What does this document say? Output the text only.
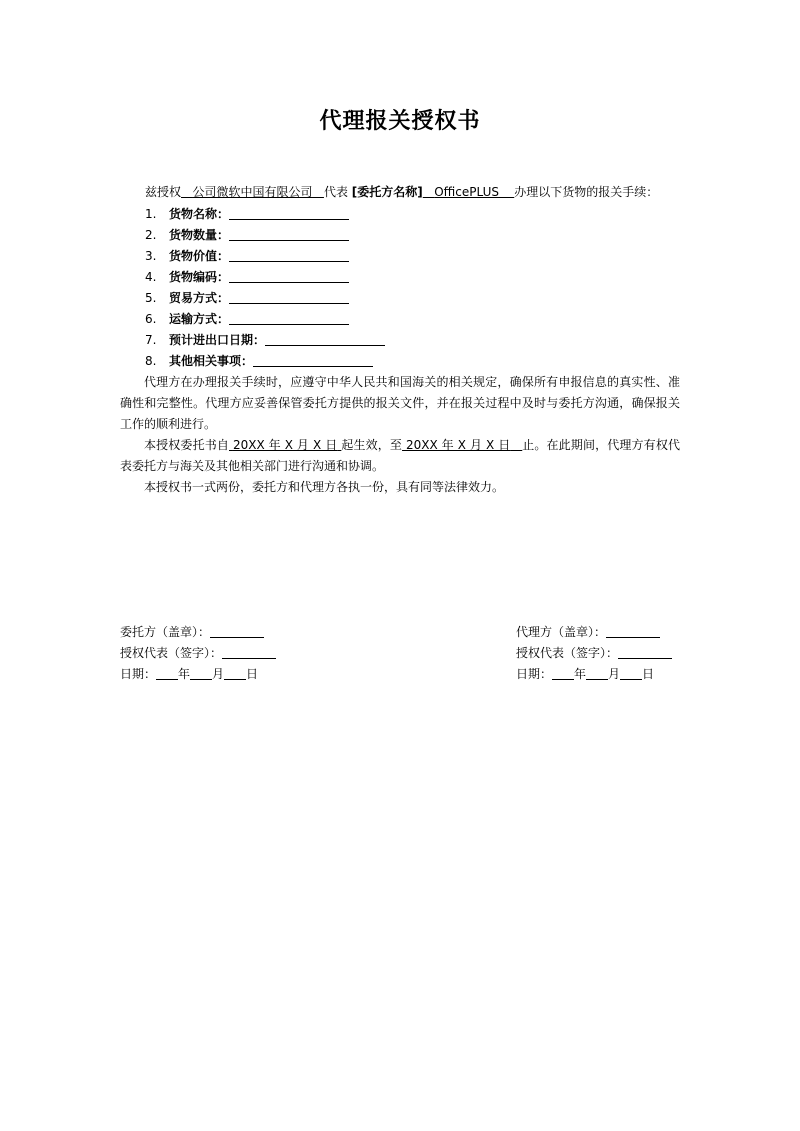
代理报关授权书
兹授权 公司微软中国有限公司 代表 [委托方名称] OfficePLUS 办理以下货物的报关手续：
1. 货物名称：
2. 货物数量：
3. 货物价值：
4. 货物编码：
5. 贸易方式：
6. 运输方式：
7. 预计进出口日期：
8. 其他相关事项：
代理方在办理报关手续时，应遵守中华人民共和国海关的相关规定，确保所有申报信息的真实性、准确性和完整性。代理方应妥善保管委托方提供的报关文件，并在报关过程中及时与委托方沟通，确保报关工作的顺利进行。
本授权委托书自 20XX 年 X 月 X 日 起生效，至 20XX 年 X 月 X 日 止。在此期间，代理方有权代表委托方与海关及其他相关部门进行沟通和协调。
本授权书一式两份，委托方和代理方各执一份，具有同等法律效力。
委托方（盖章）：
授权代表（签字）：
日期： 年 月 日
代理方（盖章）：
授权代表（签字）：
日期： 年 月 日
